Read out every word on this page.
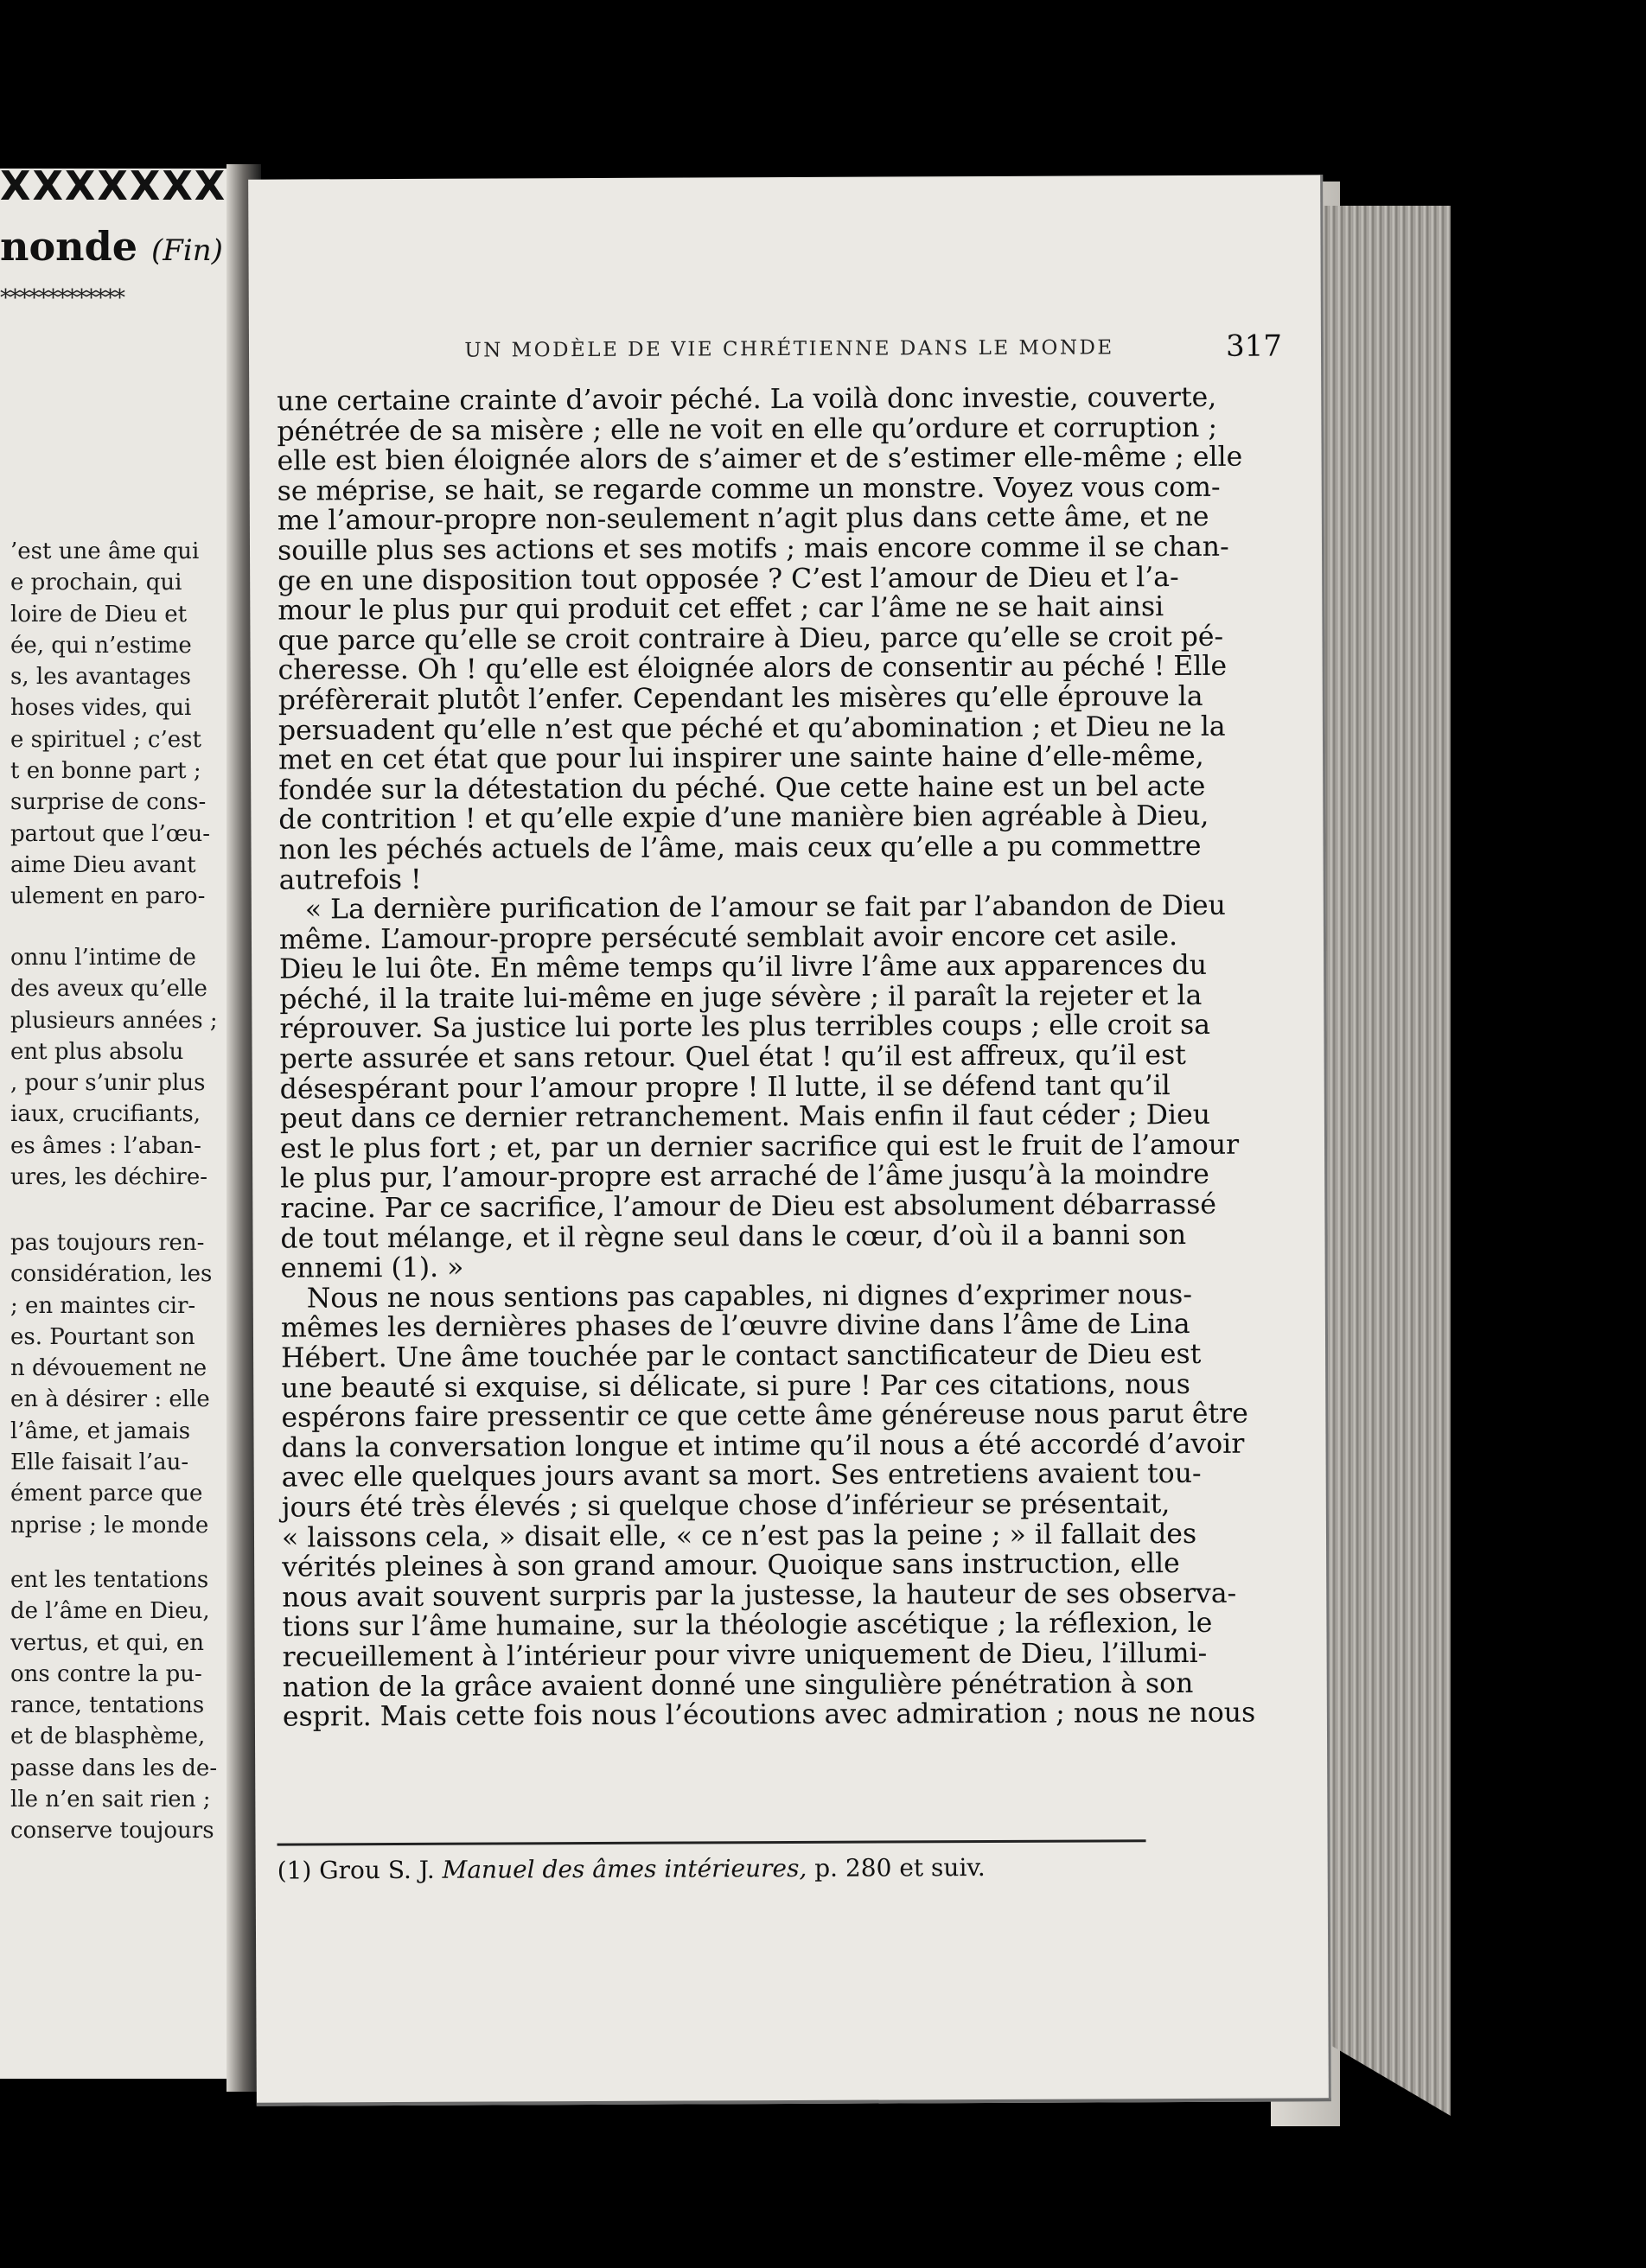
XXXXXXX
nonde (Fin)
*************
’est une âme qui
e prochain, qui
loire de Dieu et
ée, qui n’estime
s, les avantages
hoses vides, qui
e spirituel ; c’est
t en bonne part ;
surprise de cons-
partout que l’œu-
aime Dieu avant
ulement en paro-
onnu l’intime de
des aveux qu’elle
plusieurs années ;
ent plus absolu
, pour s’unir plus
iaux, crucifiants,
es âmes : l’aban-
ures, les déchire-
pas toujours ren-
considération, les
; en maintes cir-
es. Pourtant son
n dévouement ne
en à désirer : elle
l’âme, et jamais
Elle faisait l’au-
ément parce que
nprise ; le monde
ent les tentations
de l’âme en Dieu,
vertus, et qui, en
ons contre la pu-
rance, tentations
et de blasphème,
passe dans les de-
lle n’en sait rien ;
conserve toujours
UN MODÈLE DE VIE CHRÉTIENNE DANS LE MONDE	317
une certaine crainte d’avoir péché. La voilà donc investie, couverte,
pénétrée de sa misère ; elle ne voit en elle qu’ordure et corruption ;
elle est bien éloignée alors de s’aimer et de s’estimer elle-même ; elle
se méprise, se hait, se regarde comme un monstre. Voyez vous com-
me l’amour-propre non-seulement n’agit plus dans cette âme, et ne
souille plus ses actions et ses motifs ; mais encore comme il se chan-
ge en une disposition tout opposée ? C’est l’amour de Dieu et l’a-
mour le plus pur qui produit cet effet ; car l’âme ne se hait ainsi
que parce qu’elle se croit contraire à Dieu, parce qu’elle se croit pé-
cheresse. Oh ! qu’elle est éloignée alors de consentir au péché ! Elle
préfèrerait plutôt l’enfer. Cependant les misères qu’elle éprouve la
persuadent qu’elle n’est que péché et qu’abomination ; et Dieu ne la
met en cet état que pour lui inspirer une sainte haine d’elle-même,
fondée sur la détestation du péché. Que cette haine est un bel acte
de contrition ! et qu’elle expie d’une manière bien agréable à Dieu,
non les péchés actuels de l’âme, mais ceux qu’elle a pu commettre
autrefois !
« La dernière purification de l’amour se fait par l’abandon de Dieu
même. L’amour-propre persécuté semblait avoir encore cet asile.
Dieu le lui ôte. En même temps qu’il livre l’âme aux apparences du
péché, il la traite lui-même en juge sévère ; il paraît la rejeter et la
réprouver. Sa justice lui porte les plus terribles coups ; elle croit sa
perte assurée et sans retour. Quel état ! qu’il est affreux, qu’il est
désespérant pour l’amour propre ! Il lutte, il se défend tant qu’il
peut dans ce dernier retranchement. Mais enfin il faut céder ; Dieu
est le plus fort ; et, par un dernier sacrifice qui est le fruit de l’amour
le plus pur, l’amour-propre est arraché de l’âme jusqu’à la moindre
racine. Par ce sacrifice, l’amour de Dieu est absolument débarrassé
de tout mélange, et il règne seul dans le cœur, d’où il a banni son
ennemi (1). »
Nous ne nous sentions pas capables, ni dignes d’exprimer nous-
mêmes les dernières phases de l’œuvre divine dans l’âme de Lina
Hébert. Une âme touchée par le contact sanctificateur de Dieu est
une beauté si exquise, si délicate, si pure ! Par ces citations, nous
espérons faire pressentir ce que cette âme généreuse nous parut être
dans la conversation longue et intime qu’il nous a été accordé d’avoir
avec elle quelques jours avant sa mort. Ses entretiens avaient tou-
jours été très élevés ; si quelque chose d’inférieur se présentait,
« laissons cela, » disait elle, « ce n’est pas la peine ; » il fallait des
vérités pleines à son grand amour. Quoique sans instruction, elle
nous avait souvent surpris par la justesse, la hauteur de ses observa-
tions sur l’âme humaine, sur la théologie ascétique ; la réflexion, le
recueillement à l’intérieur pour vivre uniquement de Dieu, l’illumi-
nation de la grâce avaient donné une singulière pénétration à son
esprit. Mais cette fois nous l’écoutions avec admiration ; nous ne nous
(1) Grou S. J. Manuel des âmes intérieures, p. 280 et suiv.
